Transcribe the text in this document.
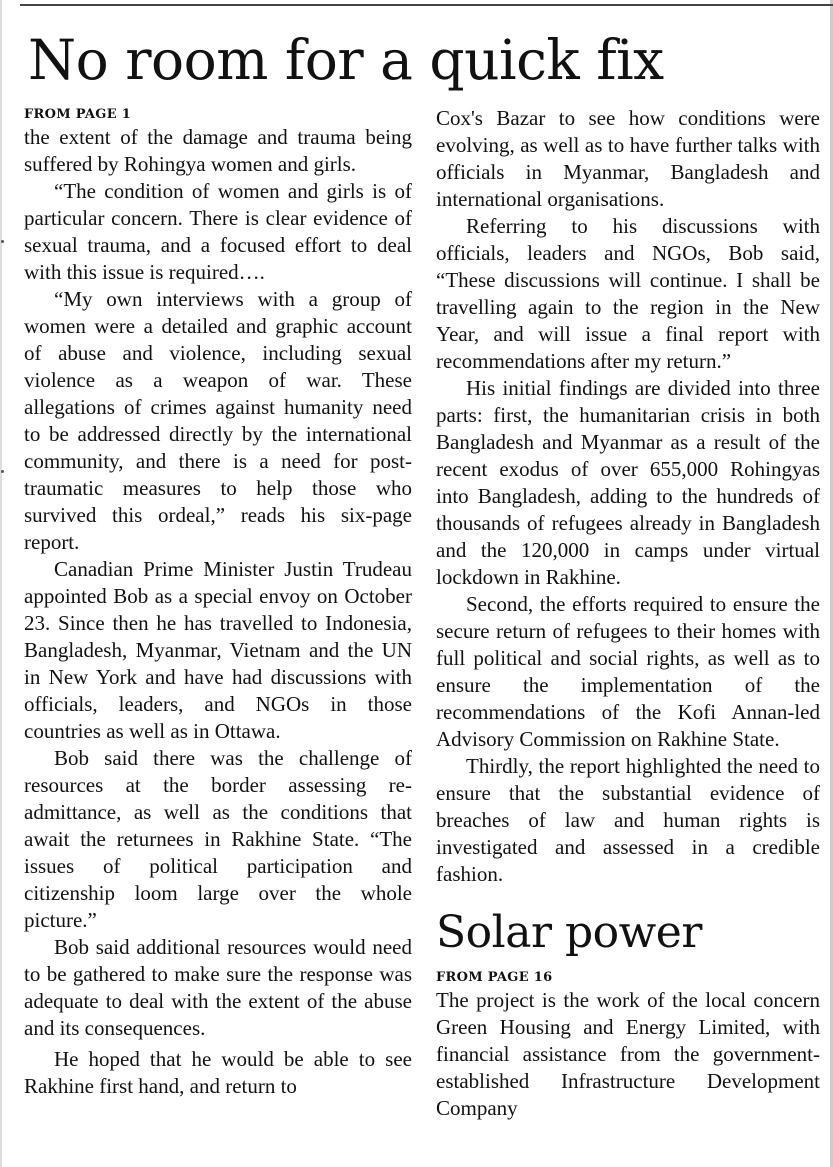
No room for a quick fix
FROM PAGE 1

the extent of the damage and trauma being suffered by Rohingya women and girls.

“The condition of women and girls is of particular concern. There is clear evidence of sexual trauma, and a focused effort to deal with this issue is required….

“My own interviews with a group of women were a detailed and graphic account of abuse and violence, including sexual violence as a weapon of war. These allegations of crimes against humanity need to be addressed directly by the international community, and there is a need for post-traumatic measures to help those who survived this ordeal,” reads his six-page report.

Canadian Prime Minister Justin Trudeau appointed Bob as a special envoy on October 23. Since then he has travelled to Indonesia, Bangladesh, Myanmar, Vietnam and the UN in New York and have had discussions with officials, leaders, and NGOs in those countries as well as in Ottawa.

Bob said there was the challenge of resources at the border assessing readmittance, as well as the conditions that await the returnees in Rakhine State. “The issues of political participation and citizenship loom large over the whole picture.”

Bob said additional resources would need to be gathered to make sure the response was adequate to deal with the extent of the abuse and its consequences.

He hoped that he would be able to see Rakhine first hand, and return to

Cox's Bazar to see how conditions were evolving, as well as to have further talks with officials in Myanmar, Bangladesh and international organisations.

Referring to his discussions with officials, leaders and NGOs, Bob said, “These discussions will continue. I shall be travelling again to the region in the New Year, and will issue a final report with recommendations after my return.”

His initial findings are divided into three parts: first, the humanitarian crisis in both Bangladesh and Myanmar as a result of the recent exodus of over 655,000 Rohingyas into Bangladesh, adding to the hundreds of thousands of refugees already in Bangladesh and the 120,000 in camps under virtual lockdown in Rakhine.

Second, the efforts required to ensure the secure return of refugees to their homes with full political and social rights, as well as to ensure the implementation of the recommendations of the Kofi Annan-led Advisory Commission on Rakhine State.

Thirdly, the report highlighted the need to ensure that the substantial evidence of breaches of law and human rights is investigated and assessed in a credible fashion.

Solar power
FROM PAGE 16

The project is the work of the local concern Green Housing and Energy Limited, with financial assistance from the government-established Infrastructure Development Company
